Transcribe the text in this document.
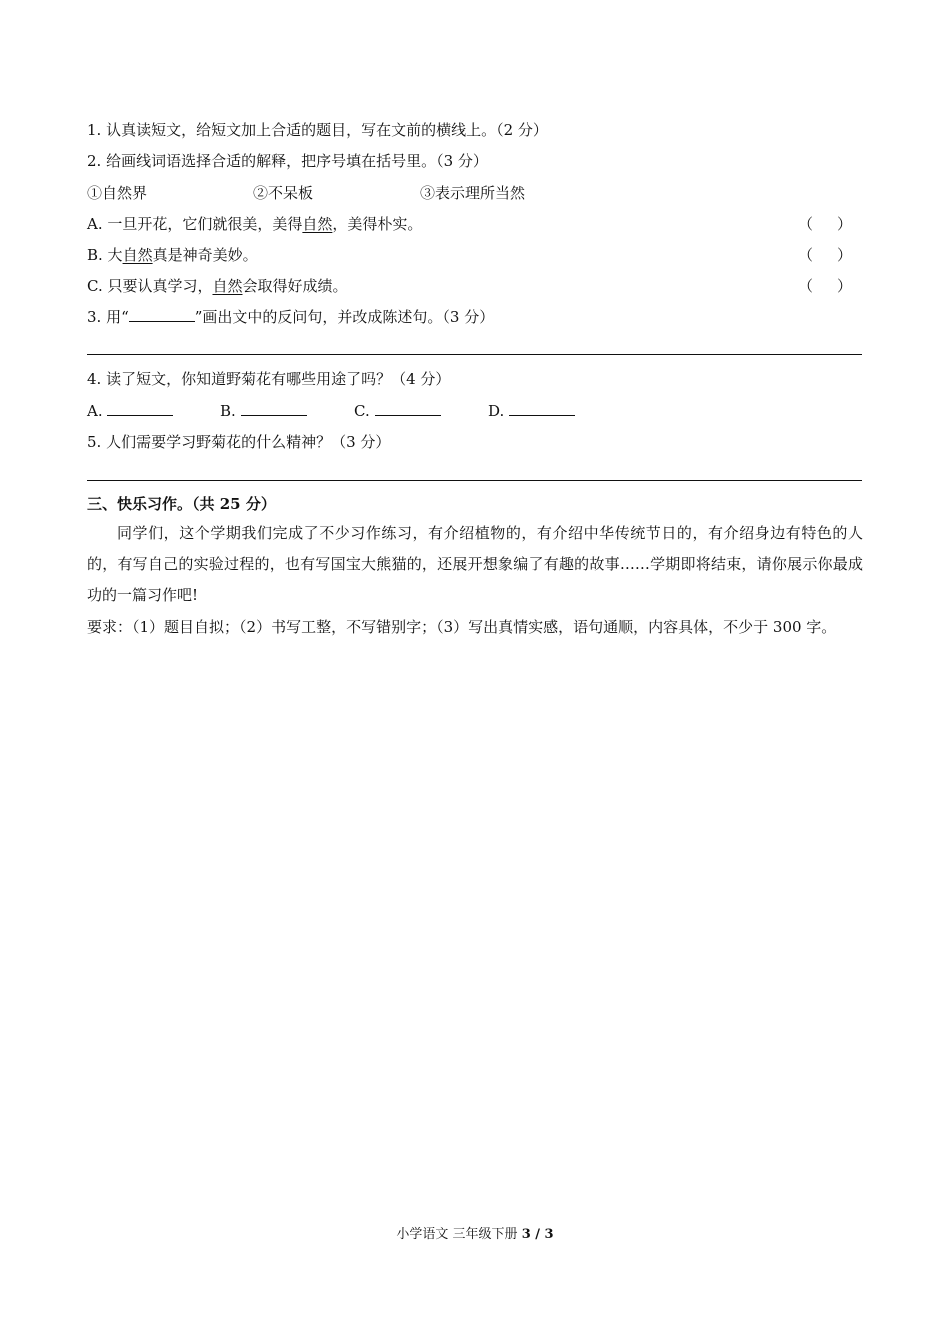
1. 认真读短文，给短文加上合适的题目，写在文前的横线上。（2 分）
2. 给画线词语选择合适的解释，把序号填在括号里。（3 分）
①自然界	②不呆板	③表示理所当然
A. 一旦开花，它们就很美，美得自然，美得朴实。	（ ）
B. 大自然真是神奇美妙。	（ ）
C. 只要认真学习，自然会取得好成绩。	（ ）
3. 用“	”画出文中的反问句，并改成陈述句。（3 分）
4. 读了短文，你知道野菊花有哪些用途了吗？（4 分）
A.	B.	C.	D.
5. 人们需要学习野菊花的什么精神？（3 分）
三、快乐习作。（共 25 分）
同学们，这个学期我们完成了不少习作练习，有介绍植物的，有介绍中华传统节日的，有介绍身边有特色的人的，有写自己的实验过程的，也有写国宝大熊猫的，还展开想象编了有趣的故事……学期即将结束，请你展示你最成功的一篇习作吧!
要求：（1）题目自拟；（2）书写工整，不写错别字；（3）写出真情实感，语句通顺，内容具体，不少于 300 字。
小学语文 三年级下册 3 / 3
